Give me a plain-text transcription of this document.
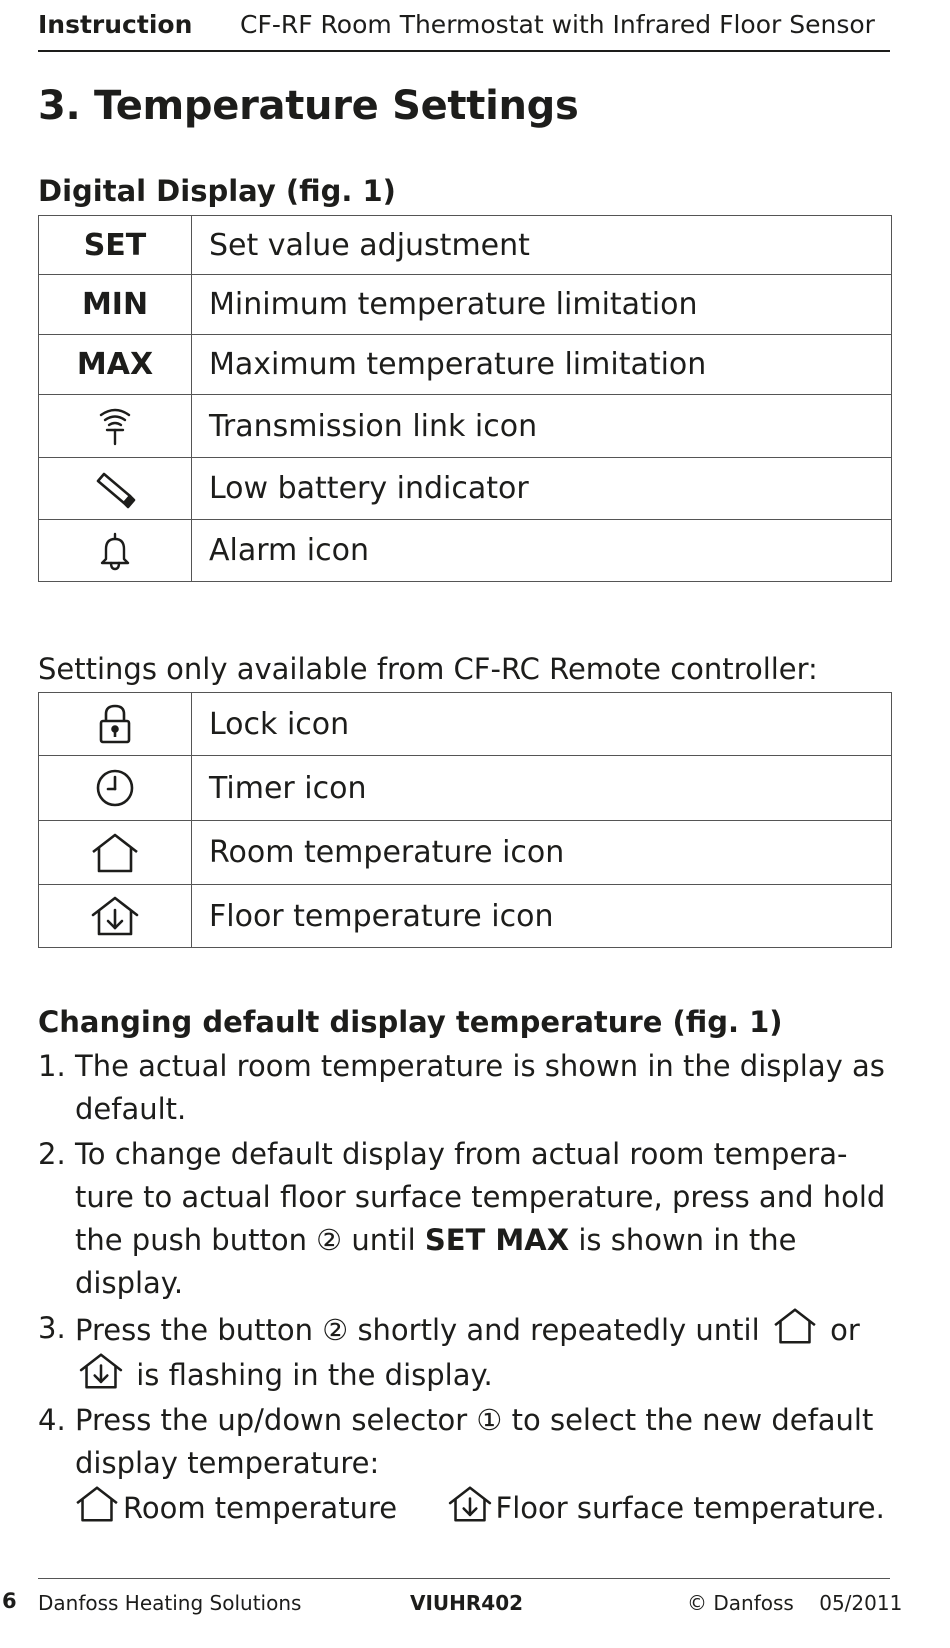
Instruction CF-RF Room Thermostat with Infrared Floor Sensor
3. Temperature Settings
Digital Display (fig. 1)
SET	Set value adjustment
MIN	Minimum temperature limitation
MAX	Maximum temperature limitation

	Transmission link icon

	Low battery indicator

	Alarm icon

Settings only available from CF-RC Remote controller:

	Lock icon

	Timer icon

	Room temperature icon

	Floor temperature icon
Changing default display temperature (fig. 1)
1. The actual room temperature is shown in the display as default.
2. To change default display from actual room tempera-ture to actual floor surface temperature, press and hold the push button ② until SET MAX is shown in the display.
3. Press the button ② shortly and repeatedly until or  is flashing in the display.
4. Press the up/down selector ① to select the new default display temperature:
Room temperature	Floor surface temperature.
6 Danfoss Heating Solutions	VIUHR402	© Danfoss    05/2011
